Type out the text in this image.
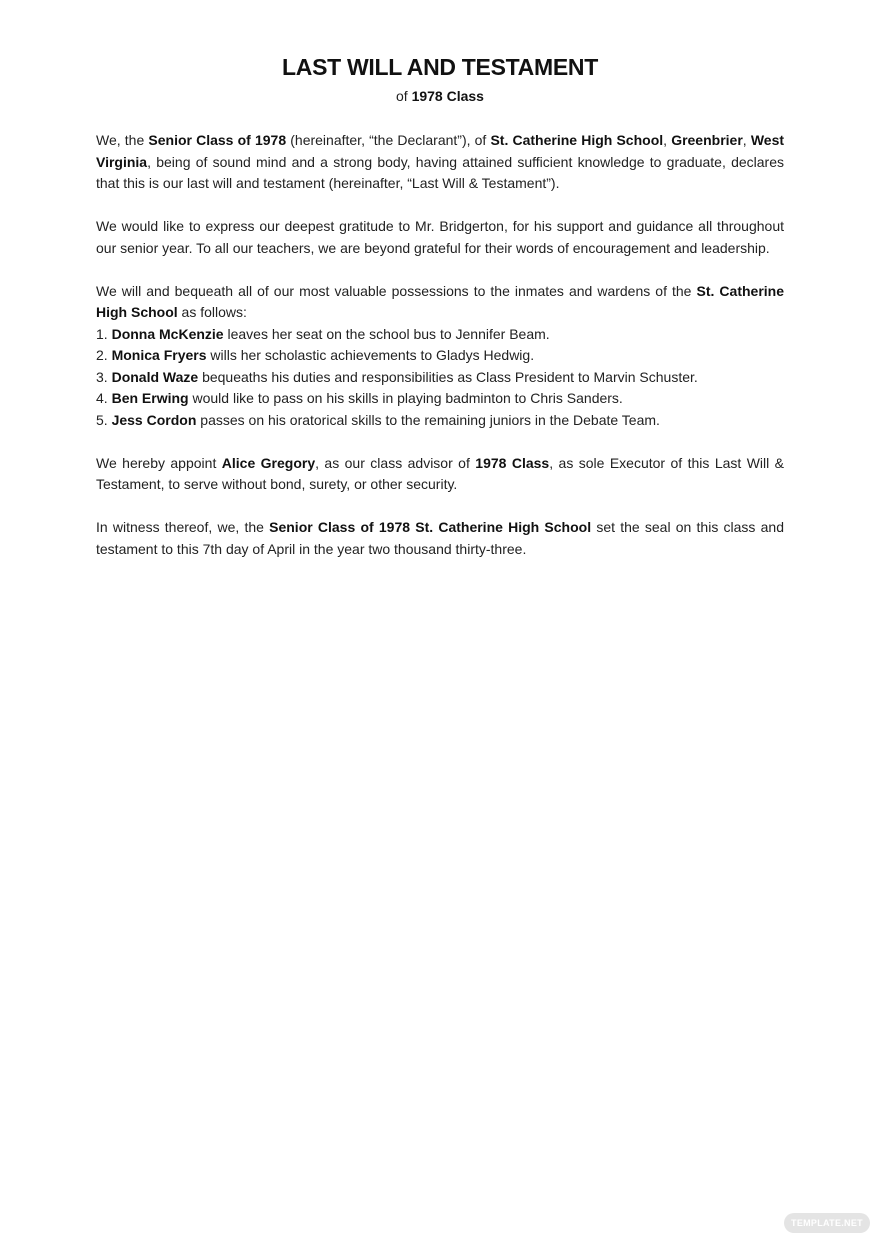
LAST WILL AND TESTAMENT
of 1978 Class

We, the Senior Class of 1978 (hereinafter, “the Declarant”), of St. Catherine High School, Greenbrier, West Virginia, being of sound mind and a strong body, having attained sufficient knowledge to graduate, declares that this is our last will and testament (hereinafter, “Last Will & Testament”).

We would like to express our deepest gratitude to Mr. Bridgerton, for his support and guidance all throughout our senior year. To all our teachers, we are beyond grateful for their words of encouragement and leadership.

We will and bequeath all of our most valuable possessions to the inmates and wardens of the St. Catherine High School as follows:

1. Donna McKenzie leaves her seat on the school bus to Jennifer Beam.
2. Monica Fryers wills her scholastic achievements to Gladys Hedwig.
3. Donald Waze bequeaths his duties and responsibilities as Class President to Marvin Schuster.
4. Ben Erwing would like to pass on his skills in playing badminton to Chris Sanders.
5. Jess Cordon passes on his oratorical skills to the remaining juniors in the Debate Team.

We hereby appoint Alice Gregory, as our class advisor of 1978 Class, as sole Executor of this Last Will & Testament, to serve without bond, surety, or other security.

In witness thereof, we, the Senior Class of 1978 St. Catherine High School set the seal on this class and testament to this 7th day of April in the year two thousand thirty-three.

TEMPLATE.NET
